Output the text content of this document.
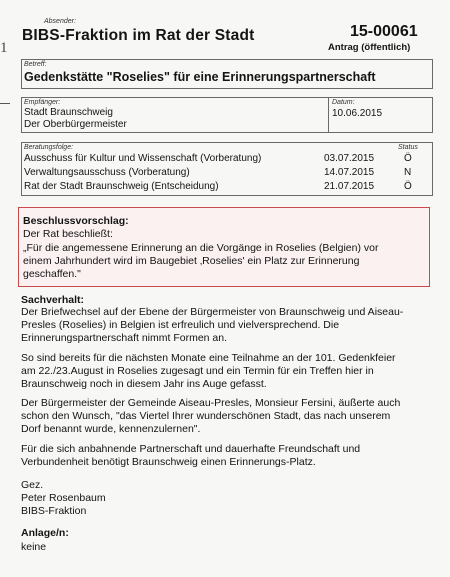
1
Absender:
BIBS-Fraktion im Rat der Stadt	15-00061
Antrag (öffentlich)
Betreff:
Gedenkstätte "Roselies" für eine Erinnerungspartnerschaft
Empfänger:
Stadt Braunschweig
Der Oberbürgermeister
Datum:
10.06.2015
Beratungsfolge:	Status
Ausschuss für Kultur und Wissenschaft (Vorberatung)	03.07.2015	Ö
Verwaltungsausschuss (Vorberatung)	14.07.2015	N
Rat der Stadt Braunschweig (Entscheidung)	21.07.2015	Ö
Beschlussvorschlag:
Der Rat beschließt:
„Für die angemessene Erinnerung an die Vorgänge in Roselies (Belgien) vor
einem Jahrhundert wird im Baugebiet ‚Roselies' ein Platz zur Erinnerung
geschaffen."
Sachverhalt:
Der Briefwechsel auf der Ebene der Bürgermeister von Braunschweig und Aiseau-
Presles (Roselies) in Belgien ist erfreulich und vielversprechend. Die
Erinnerungspartnerschaft nimmt Formen an.
So sind bereits für die nächsten Monate eine Teilnahme an der 101. Gedenkfeier
am 22./23.August in Roselies zugesagt und ein Termin für ein Treffen hier in
Braunschweig noch in diesem Jahr ins Auge gefasst.
Der Bürgermeister der Gemeinde Aiseau-Presles, Monsieur Fersini, äußerte auch
schon den Wunsch, "das Viertel Ihrer wunderschönen Stadt, das nach unserem
Dorf benannt wurde, kennenzulernen".
Für die sich anbahnende Partnerschaft und dauerhafte Freundschaft und
Verbundenheit benötigt Braunschweig einen Erinnerungs-Platz.
Gez.
Peter Rosenbaum
BIBS-Fraktion
Anlage/n:
keine
